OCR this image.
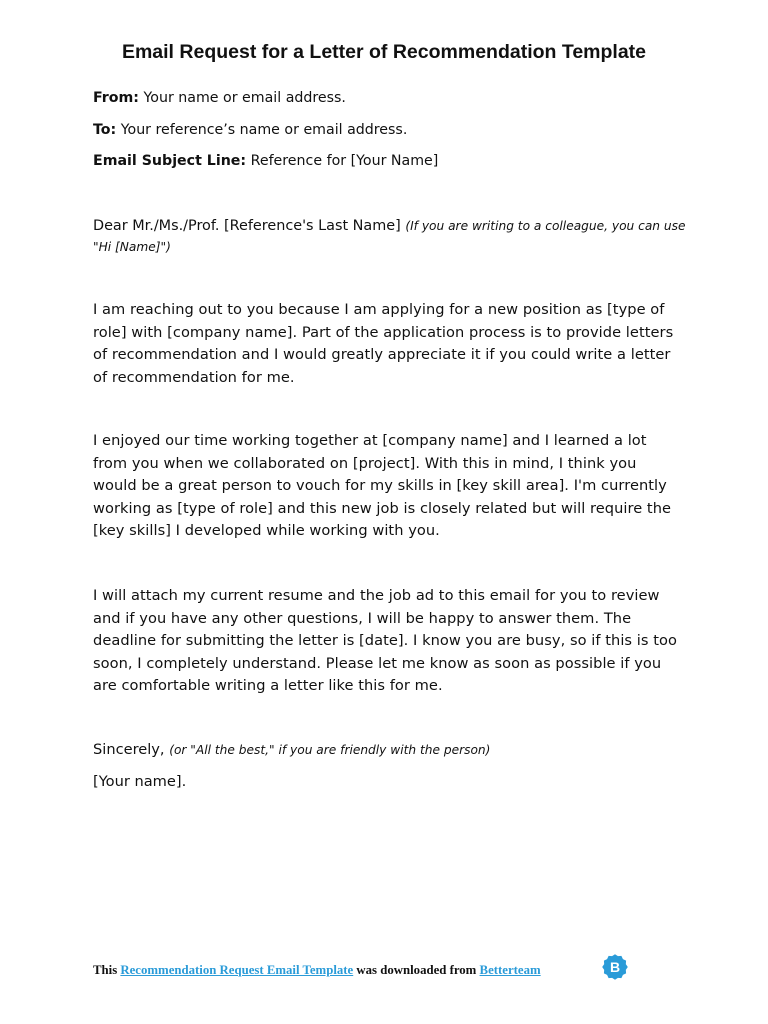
Email Request for a Letter of Recommendation Template
From: Your name or email address.
To: Your reference’s name or email address.
Email Subject Line: Reference for [Your Name]
Dear Mr./Ms./Prof. [Reference's Last Name] (If you are writing to a colleague, you can use "Hi [Name]")
I am reaching out to you because I am applying for a new position as [type of role] with [company name]. Part of the application process is to provide letters of recommendation and I would greatly appreciate it if you could write a letter of recommendation for me.
I enjoyed our time working together at [company name] and I learned a lot from you when we collaborated on [project]. With this in mind, I think you would be a great person to vouch for my skills in [key skill area]. I'm currently working as [type of role] and this new job is closely related but will require the [key skills] I developed while working with you.
I will attach my current resume and the job ad to this email for you to review and if you have any other questions, I will be happy to answer them. The deadline for submitting the letter is [date]. I know you are busy, so if this is too soon, I completely understand. Please let me know as soon as possible if you are comfortable writing a letter like this for me.
Sincerely, (or "All the best," if you are friendly with the person)
[Your name].
This Recommendation Request Email Template was downloaded from Betterteam	B
